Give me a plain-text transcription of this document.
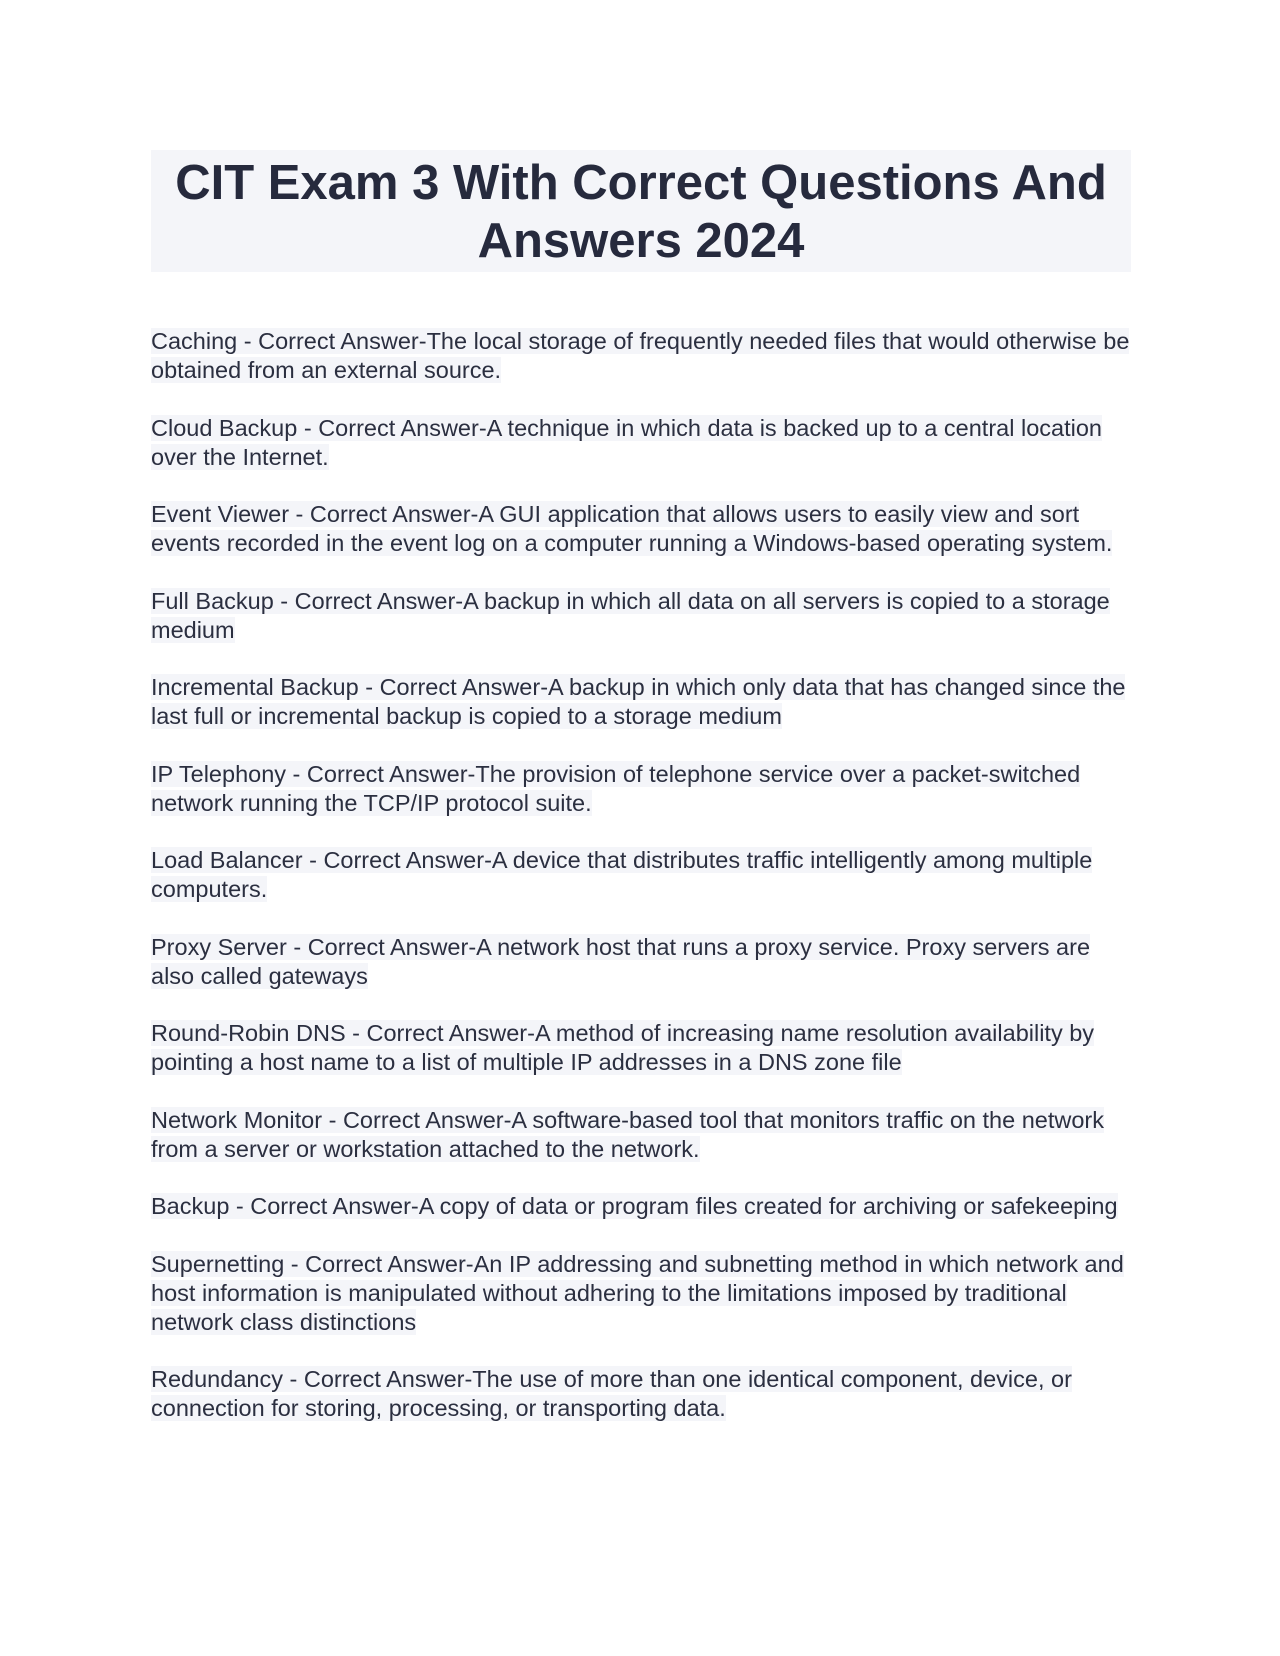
CIT Exam 3 With Correct Questions And Answers 2024

Caching - Correct Answer-The local storage of frequently needed files that would otherwise be obtained from an external source.

Cloud Backup - Correct Answer-A technique in which data is backed up to a central location over the Internet.

Event Viewer - Correct Answer-A GUI application that allows users to easily view and sort events recorded in the event log on a computer running a Windows-based operating system.

Full Backup - Correct Answer-A backup in which all data on all servers is copied to a storage medium

Incremental Backup - Correct Answer-A backup in which only data that has changed since the last full or incremental backup is copied to a storage medium

IP Telephony - Correct Answer-The provision of telephone service over a packet-switched network running the TCP/IP protocol suite.

Load Balancer - Correct Answer-A device that distributes traffic intelligently among multiple computers.

Proxy Server - Correct Answer-A network host that runs a proxy service. Proxy servers are also called gateways

Round-Robin DNS - Correct Answer-A method of increasing name resolution availability by pointing a host name to a list of multiple IP addresses in a DNS zone file

Network Monitor - Correct Answer-A software-based tool that monitors traffic on the network from a server or workstation attached to the network.

Backup - Correct Answer-A copy of data or program files created for archiving or safekeeping

Supernetting - Correct Answer-An IP addressing and subnetting method in which network and host information is manipulated without adhering to the limitations imposed by traditional network class distinctions

Redundancy - Correct Answer-The use of more than one identical component, device, or connection for storing, processing, or transporting data.
